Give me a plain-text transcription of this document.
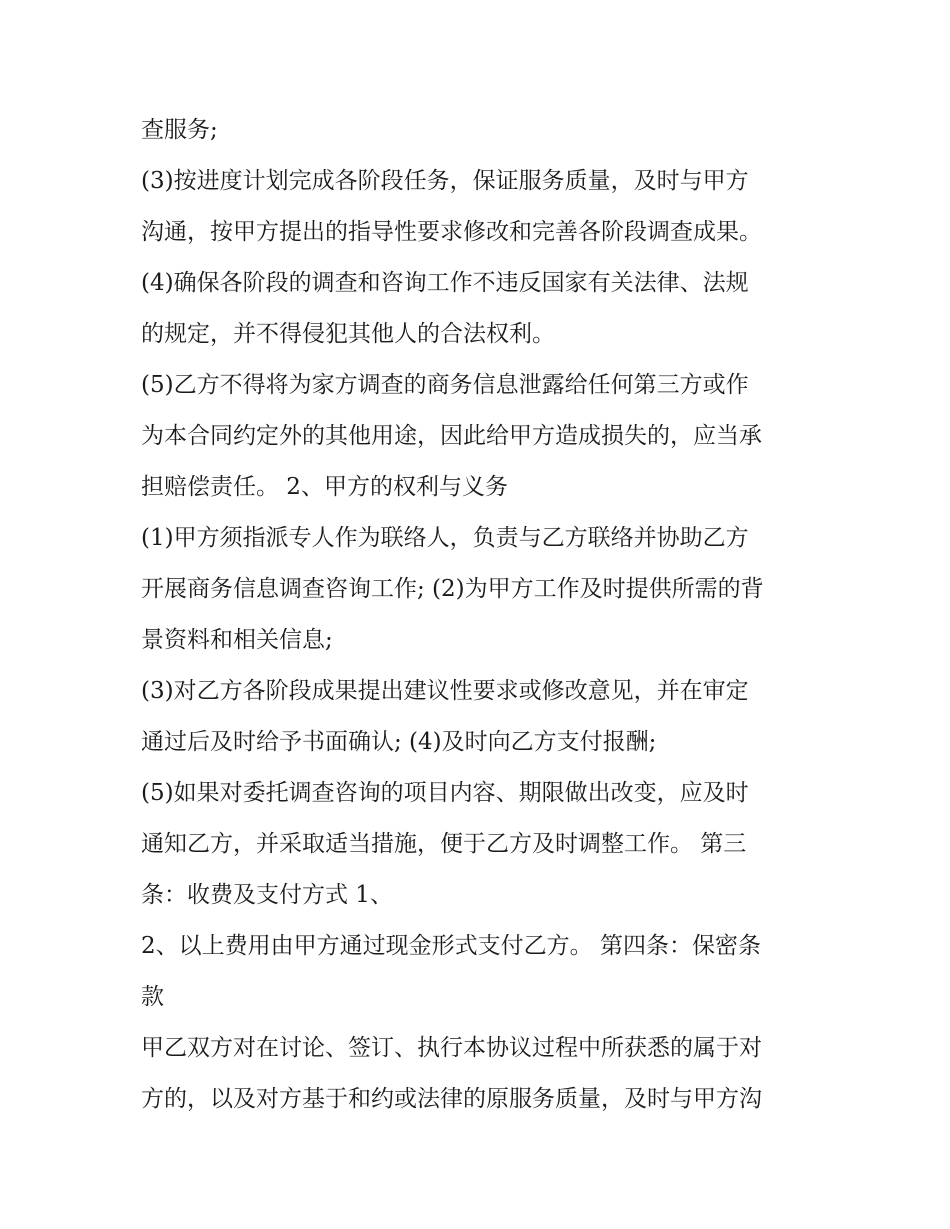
查服务;
(3)按进度计划完成各阶段任务，保证服务质量，及时与甲方
沟通，按甲方提出的指导性要求修改和完善各阶段调查成果。
(4)确保各阶段的调查和咨询工作不违反国家有关法律、法规
的规定，并不得侵犯其他人的合法权利。
(5)乙方不得将为家方调查的商务信息泄露给任何第三方或作
为本合同约定外的其他用途，因此给甲方造成损失的，应当承
担赔偿责任。 2、甲方的权利与义务
(1)甲方须指派专人作为联络人，负责与乙方联络并协助乙方
开展商务信息调查咨询工作; (2)为甲方工作及时提供所需的背
景资料和相关信息;
(3)对乙方各阶段成果提出建议性要求或修改意见，并在审定
通过后及时给予书面确认; (4)及时向乙方支付报酬;
(5)如果对委托调查咨询的项目内容、期限做出改变，应及时
通知乙方，并采取适当措施，便于乙方及时调整工作。 第三
条：收费及支付方式 1、
2、以上费用由甲方通过现金形式支付乙方。 第四条：保密条
款
甲乙双方对在讨论、签订、执行本协议过程中所获悉的属于对
方的，以及对方基于和约或法律的原服务质量，及时与甲方沟
